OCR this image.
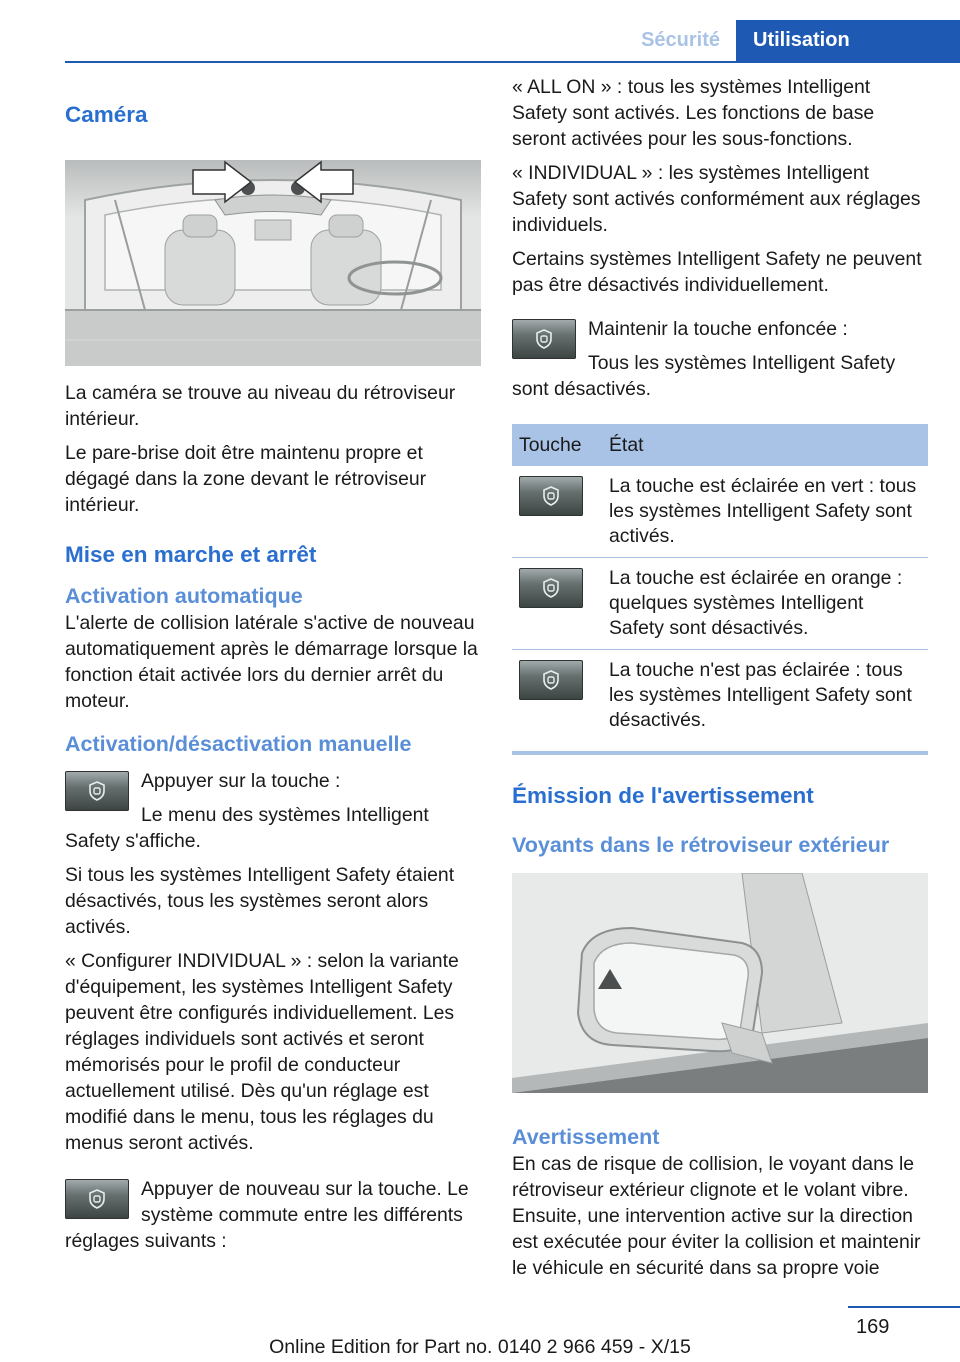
Sécurité	Utilisation
Caméra

La caméra se trouve au niveau du rétroviseur intérieur.

Le pare-brise doit être maintenu propre et dégagé dans la zone devant le rétroviseur intérieur.

Mise en marche et arrêt
Activation automatique

L'alerte de collision latérale s'active de nouveau automatiquement après le démarrage lorsque la fonction était activée lors du dernier arrêt du moteur.

Activation/désactivation manuelle

Appuyer sur la touche :

Le menu des systèmes Intelligent Safety s'affiche.

Si tous les systèmes Intelligent Safety étaient désactivés, tous les systèmes seront alors activés.

« Configurer INDIVIDUAL » : selon la variante d'équipement, les systèmes Intelligent Safety peuvent être configurés individuellement. Les réglages individuels sont activés et seront mémorisés pour le profil de conducteur actuellement utilisé. Dès qu'un réglage est modifié dans le menu, tous les réglages du menus seront activés.

Appuyer de nouveau sur la touche. Le système commute entre les différents réglages suivants :

« ALL ON » : tous les systèmes Intelligent Safety sont activés. Les fonctions de base seront activées pour les sous-fonctions.

« INDIVIDUAL » : les systèmes Intelligent Safety sont activés conformément aux réglages individuels.

Certains systèmes Intelligent Safety ne peuvent pas être désactivés individuellement.

Maintenir la touche enfoncée :

Tous les systèmes Intelligent Safety sont désactivés.

Touche	État

	La touche est éclairée en vert : tous les systèmes Intelligent Safety sont activés.

	La touche est éclairée en orange : quelques systèmes Intelligent Safety sont désactivés.

	La touche n'est pas éclairée : tous les systèmes Intelligent Safety sont désactivés.
Émission de l'avertissement
Voyants dans le rétroviseur extérieur
Avertissement

En cas de risque de collision, le voyant dans le rétroviseur extérieur clignote et le volant vibre. Ensuite, une intervention active sur la direction est exécutée pour éviter la collision et maintenir le véhicule en sécurité dans sa propre voie

169
Online Edition for Part no. 0140 2 966 459 - X/15
